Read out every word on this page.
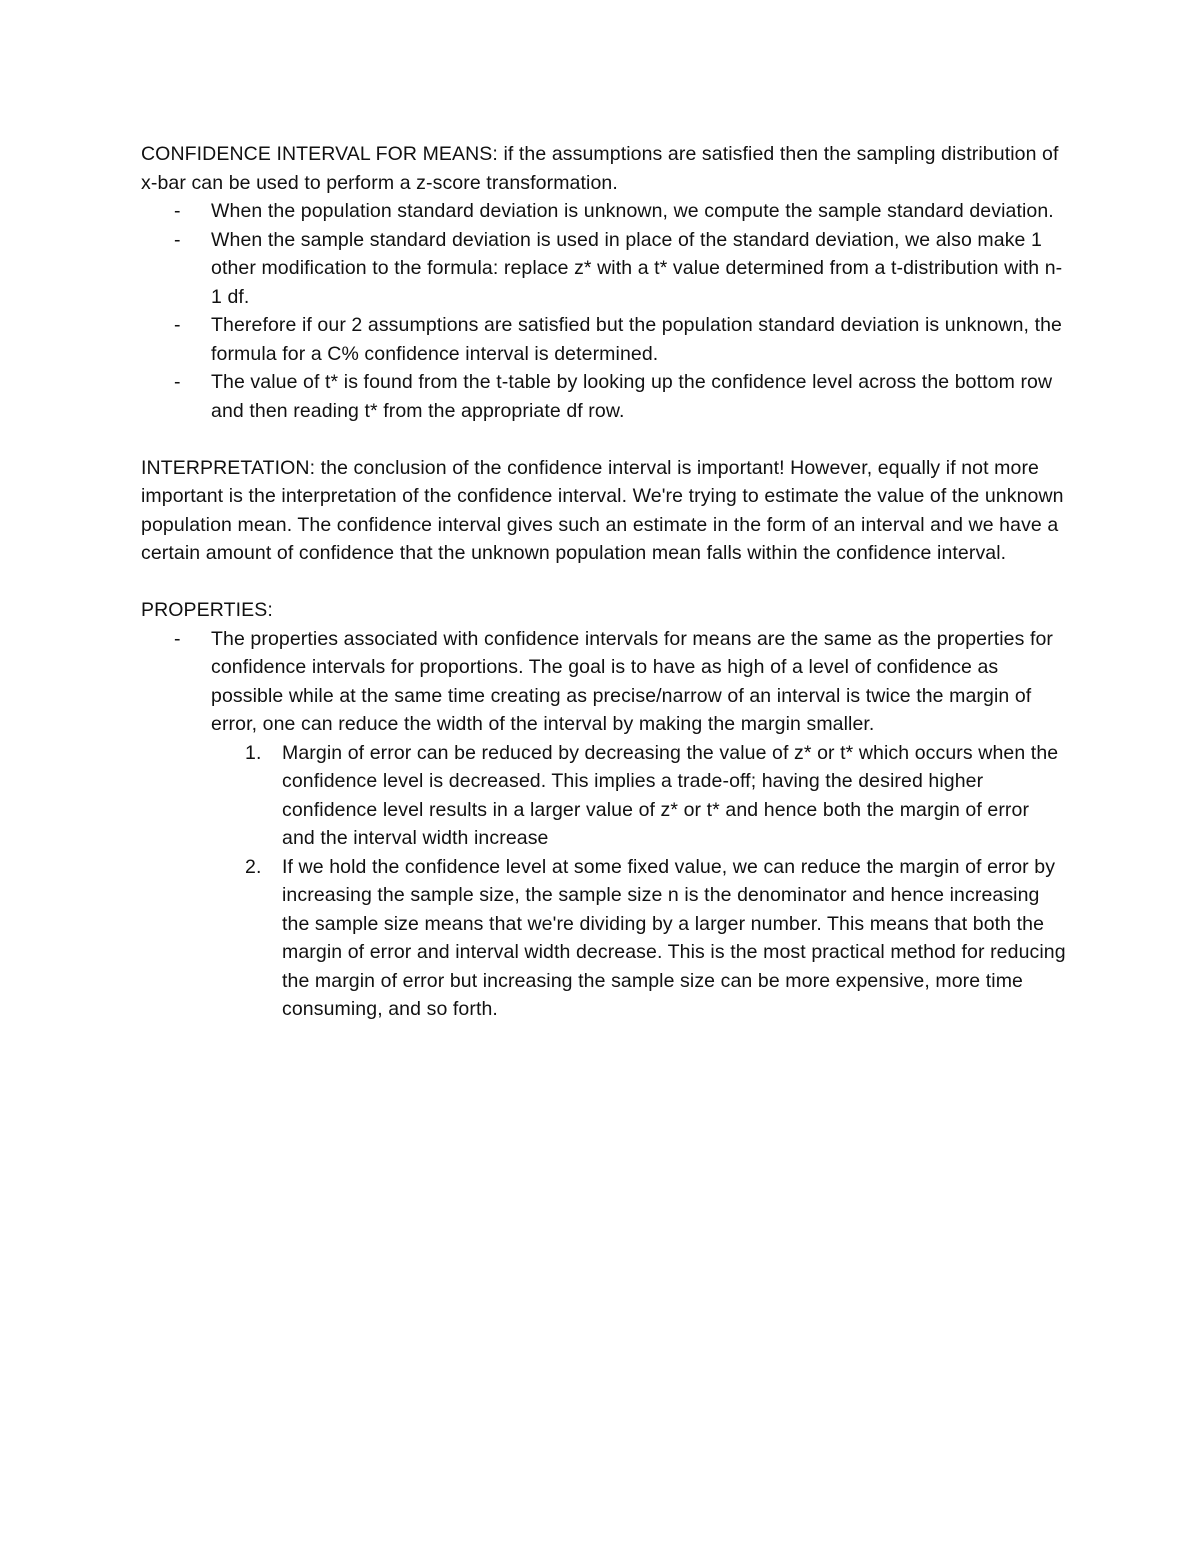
CONFIDENCE INTERVAL FOR MEANS: if the assumptions are satisfied then the sampling distribution of x-bar can be used to perform a z-score transformation.

- When the population standard deviation is unknown, we compute the sample standard deviation.
- When the sample standard deviation is used in place of the standard deviation, we also make 1 other modification to the formula: replace z* with a t* value determined from a t-distribution with n-1 df.
- Therefore if our 2 assumptions are satisfied but the population standard deviation is unknown, the formula for a C% confidence interval is determined.
- The value of t* is found from the t-table by looking up the confidence level across the bottom row and then reading t* from the appropriate df row.

INTERPRETATION: the conclusion of the confidence interval is important! However, equally if not more important is the interpretation of the confidence interval. We're trying to estimate the value of the unknown population mean. The confidence interval gives such an estimate in the form of an interval and we have a certain amount of confidence that the unknown population mean falls within the confidence interval.

PROPERTIES:

- The properties associated with confidence intervals for means are the same as the properties for confidence intervals for proportions. The goal is to have as high of a level of confidence as possible while at the same time creating as precise/narrow of an interval is twice the margin of error, one can reduce the width of the interval by making the margin smaller.
1. Margin of error can be reduced by decreasing the value of z* or t* which occurs when the confidence level is decreased. This implies a trade-off; having the desired higher confidence level results in a larger value of z* or t* and hence both the margin of error and the interval width increase
2. If we hold the confidence level at some fixed value, we can reduce the margin of error by increasing the sample size, the sample size n is the denominator and hence increasing the sample size means that we're dividing by a larger number. This means that both the margin of error and interval width decrease. This is the most practical method for reducing the margin of error but increasing the sample size can be more expensive, more time consuming, and so forth.
